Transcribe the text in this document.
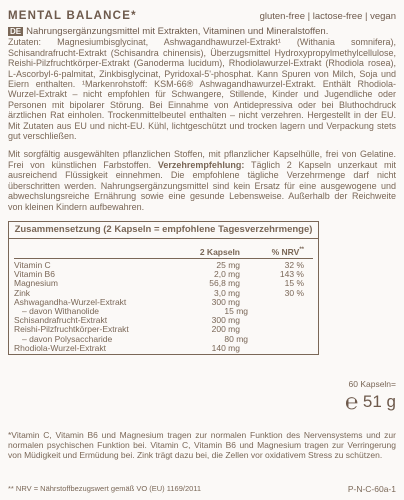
MENTAL BALANCE*	gluten-free | lactose-free | vegan
DE Nahrungsergänzungsmittel mit Extrakten, Vitaminen und Mineralstoffen.
Zutaten: Magnesiumbisglycinat, Ashwagandhawurzel-Extrakt¹ (Withania somnifera), Schisandrafrucht-Extrakt (Schisandra chinensis), Überzugsmittel Hydroxypropylmethylcellulose, Reishi-Pilzfruchtkörper-Extrakt (Ganoderma lucidum), Rhodiolawurzel-Extrakt (Rhodiola rosea), L-Ascorbyl-6-palmitat, Zinkbisglycinat, Pyridoxal-5'-phosphat. Kann Spuren von Milch, Soja und Eiern enthalten. ¹Markenrohstoff: KSM-66® Ashwagandhawurzel-Extrakt. Enthält Rhodiola-Wurzel-Extrakt – nicht empfohlen für Schwangere, Stillende, Kinder und Jugendliche oder Personen mit bipolarer Störung. Bei Einnahme von Antidepressiva oder bei Bluthochdruck ärztlichen Rat einholen. Trockenmittelbeutel enthalten – nicht verzehren. Hergestellt in der EU. Mit Zutaten aus EU und nicht-EU. Kühl, lichtgeschützt und trocken lagern und Verpackung stets gut verschließen.
Mit sorgfältig ausgewählten pflanzlichen Stoffen, mit pflanzlicher Kapselhülle, frei von Gelatine. Frei von künstlichen Farbstoffen. Verzehrempfehlung: Täglich 2 Kapseln unzerkaut mit ausreichend Flüssigkeit einnehmen. Die empfohlene tägliche Verzehrmenge darf nicht überschritten werden. Nahrungsergänzungsmittel sind kein Ersatz für eine ausgewogene und abwechslungsreiche Ernährung sowie eine gesunde Lebensweise. Außerhalb der Reichweite von kleinen Kindern aufbewahren.
Zusammensetzung (2 Kapseln = empfohlene Tagesverzehrmenge)
2 Kapseln	% NRV**
Vitamin C	25 mg	32 %
Vitamin B6	2,0 mg	143 %
Magnesium	56,8 mg	15 %
Zink	3,0 mg	30 %
Ashwagandha-Wurzel-Extrakt	300 mg
– davon Withanolide	15 mg
Schisandrafrucht-Extrakt	300 mg
Reishi-Pilzfruchtkörper-Extrakt	200 mg
– davon Polysaccharide	80 mg
Rhodiola-Wurzel-Extrakt	140 mg
60 Kapseln=
℮ 51 g
*Vitamin C, Vitamin B6 und Magnesium tragen zur normalen Funktion des Nervensystems und zur normalen psychischen Funktion bei. Vitamin C, Vitamin B6 und Magnesium tragen zur Verringerung von Müdigkeit und Ermüdung bei. Zink trägt dazu bei, die Zellen vor oxidativem Stress zu schützen.
** NRV = Nährstoffbezugswert gemäß VO (EU) 1169/2011	P-N-C-60a-1
